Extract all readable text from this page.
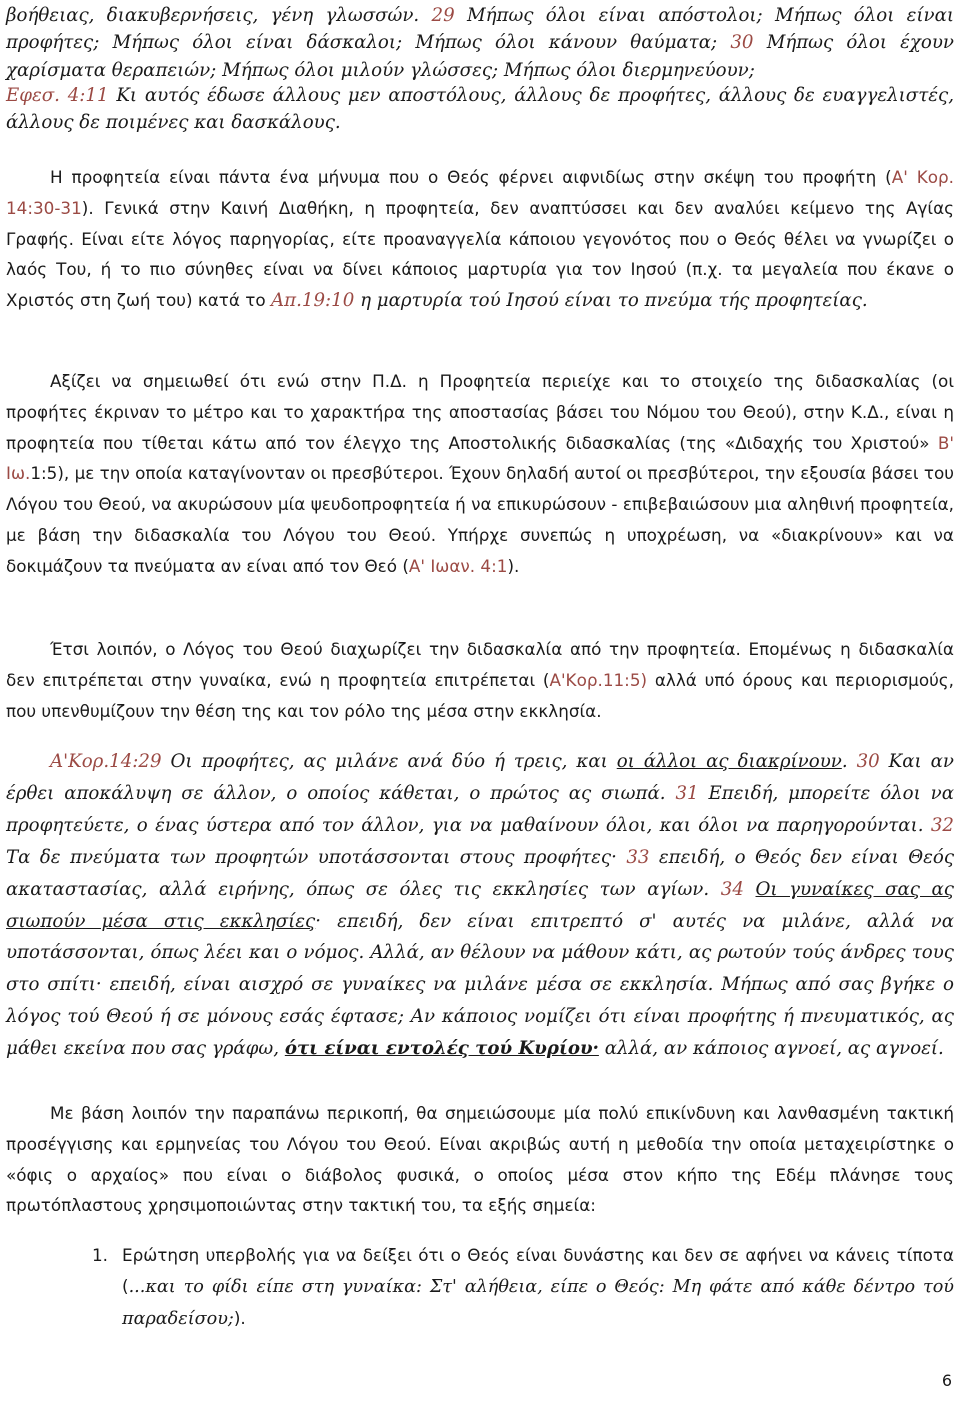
βοήθειας, διακυβερνήσεις, γένη γλωσσών. 29 Μήπως όλοι είναι απόστολοι; Μήπως όλοι είναι προφήτες; Μήπως όλοι είναι δάσκαλοι; Μήπως όλοι κάνουν θαύματα; 30 Μήπως όλοι έχουν χαρίσματα θεραπειών; Μήπως όλοι μιλούν γλώσσες; Μήπως όλοι διερμηνεύουν;

Εφεσ. 4:11 Κι αυτός έδωσε άλλους μεν αποστόλους, άλλους δε προφήτες, άλλους δε ευαγγελιστές, άλλους δε ποιμένες και δασκάλους.

Η προφητεία είναι πάντα ένα μήνυμα που ο Θεός φέρνει αιφνιδίως στην σκέψη του προφήτη (Α' Κορ. 14:30-31). Γενικά στην Καινή Διαθήκη, η προφητεία, δεν αναπτύσσει και δεν αναλύει κείμενο της Αγίας Γραφής. Είναι είτε λόγος παρηγορίας, είτε προαναγγελία κάποιου γεγονότος που ο Θεός θέλει να γνωρίζει ο λαός Του, ή το πιο σύνηθες είναι να δίνει κάποιος μαρτυρία για τον Ιησού (π.χ. τα μεγαλεία που έκανε ο Χριστός στη ζωή του) κατά το Απ.19:10 η μαρτυρία τού Ιησού είναι το πνεύμα τής προφητείας.

Αξίζει να σημειωθεί ότι ενώ στην Π.Δ. η Προφητεία περιείχε και το στοιχείο της διδασκαλίας (οι προφήτες έκριναν το μέτρο και το χαρακτήρα της αποστασίας βάσει του Νόμου του Θεού), στην Κ.Δ., είναι η προφητεία που τίθεται κάτω από τον έλεγχο της Αποστολικής διδασκαλίας (της «Διδαχής του Χριστού» Β' Ιω.1:5), με την οποία καταγίνονταν οι πρεσβύτεροι. Έχουν δηλαδή αυτοί οι πρεσβύτεροι, την εξουσία βάσει του Λόγου του Θεού, να ακυρώσουν μία ψευδοπροφητεία ή να επικυρώσουν - επιβεβαιώσουν μια αληθινή προφητεία, με βάση την διδασκαλία του Λόγου του Θεού. Υπήρχε συνεπώς η υποχρέωση, να «διακρίνουν» και να δοκιμάζουν τα πνεύματα αν είναι από τον Θεό (Α' Ιωαν. 4:1).

Έτσι λοιπόν, ο Λόγος του Θεού διαχωρίζει την διδασκαλία από την προφητεία. Επομένως η διδασκαλία δεν επιτρέπεται στην γυναίκα, ενώ η προφητεία επιτρέπεται (Α'Κορ.11:5) αλλά υπό όρους και περιορισμούς, που υπενθυμίζουν την θέση της και τον ρόλο της μέσα στην εκκλησία.

Α'Κορ.14:29 Οι προφήτες, ας μιλάνε ανά δύο ή τρεις, και οι άλλοι ας διακρίνουν. 30 Και αν έρθει αποκάλυψη σε άλλον, ο οποίος κάθεται, ο πρώτος ας σιωπά. 31 Επειδή, μπορείτε όλοι να προφητεύετε, ο ένας ύστερα από τον άλλον, για να μαθαίνουν όλοι, και όλοι να παρηγορούνται. 32 Τα δε πνεύματα των προφητών υποτάσσονται στους προφήτες· 33 επειδή, ο Θεός δεν είναι Θεός ακαταστασίας, αλλά ειρήνης, όπως σε όλες τις εκκλησίες των αγίων. 34 Οι γυναίκες σας ας σιωπούν μέσα στις εκκλησίες· επειδή, δεν είναι επιτρεπτό σ' αυτές να μιλάνε, αλλά να υποτάσσονται, όπως λέει και ο νόμος. Αλλά, αν θέλουν να μάθουν κάτι, ας ρωτούν τούς άνδρες τους στο σπίτι· επειδή, είναι αισχρό σε γυναίκες να μιλάνε μέσα σε εκκλησία. Μήπως από σας βγήκε ο λόγος τού Θεού ή σε μόνους εσάς έφτασε; Αν κάποιος νομίζει ότι είναι προφήτης ή πνευματικός, ας μάθει εκείνα που σας γράφω, ότι είναι εντολές τού Κυρίου· αλλά, αν κάποιος αγνοεί, ας αγνοεί.

Με βάση λοιπόν την παραπάνω περικοπή, θα σημειώσουμε μία πολύ επικίνδυνη και λανθασμένη τακτική προσέγγισης και ερμηνείας του Λόγου του Θεού. Είναι ακριβώς αυτή η μεθοδία την οποία μεταχειρίστηκε ο «όφις ο αρχαίος» που είναι ο διάβολος φυσικά, ο οποίος μέσα στον κήπο της Εδέμ πλάνησε τους πρωτόπλαστους χρησιμοποιώντας στην τακτική του, τα εξής σημεία:

1. Ερώτηση υπερβολής για να δείξει ότι ο Θεός είναι δυνάστης και δεν σε αφήνει να κάνεις τίποτα (...και το φίδι είπε στη γυναίκα: Στ' αλήθεια, είπε ο Θεός: Μη φάτε από κάθε δέντρο τού παραδείσου;).
6
